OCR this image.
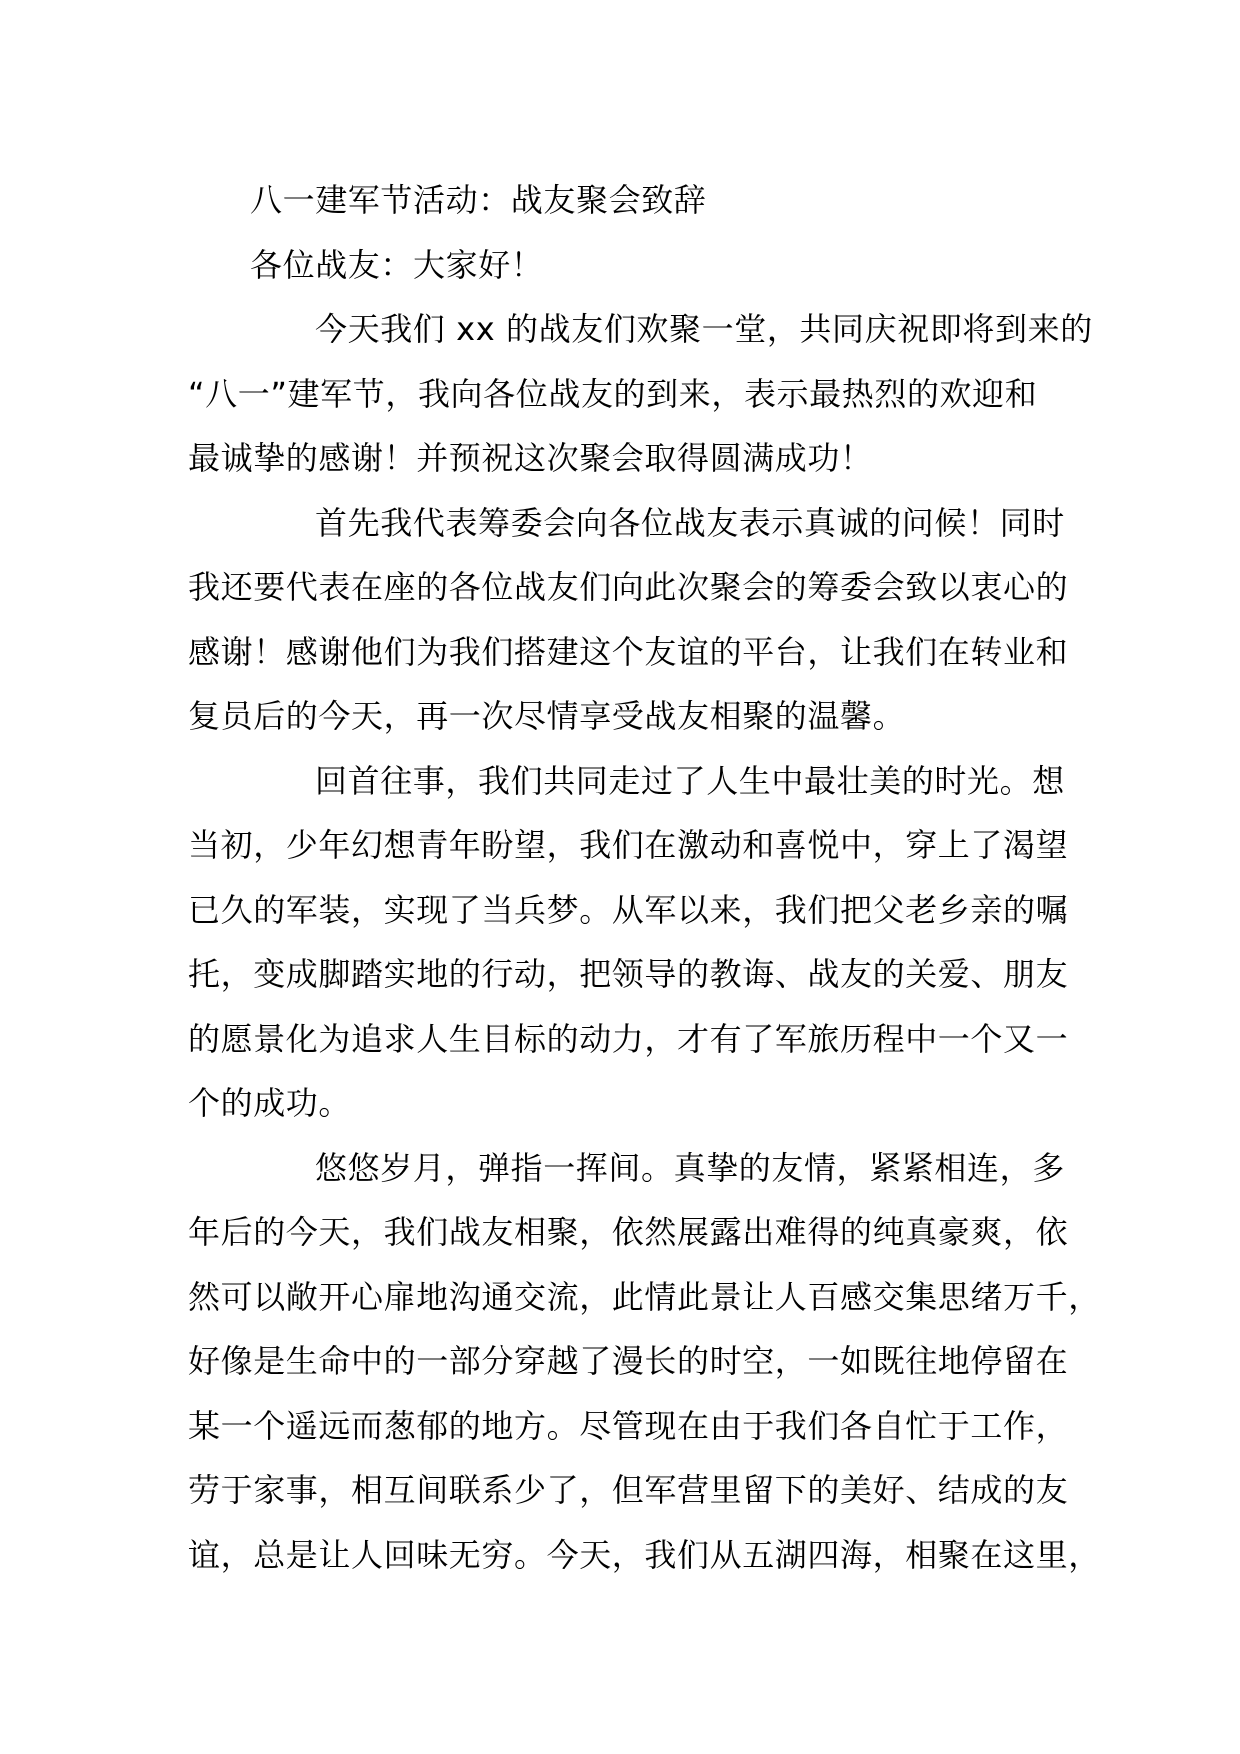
八一建军节活动：战友聚会致辞
各位战友：大家好！
今天我们 xx 的战友们欢聚一堂，共同庆祝即将到来的
“八一”建军节，我向各位战友的到来，表示最热烈的欢迎和
最诚挚的感谢！并预祝这次聚会取得圆满成功！
首先我代表筹委会向各位战友表示真诚的问候！同时
我还要代表在座的各位战友们向此次聚会的筹委会致以衷心的
感谢！感谢他们为我们搭建这个友谊的平台，让我们在转业和
复员后的今天，再一次尽情享受战友相聚的温馨。
回首往事，我们共同走过了人生中最壮美的时光。想
当初，少年幻想青年盼望，我们在激动和喜悦中，穿上了渴望
已久的军装，实现了当兵梦。从军以来，我们把父老乡亲的嘱
托，变成脚踏实地的行动，把领导的教诲、战友的关爱、朋友
的愿景化为追求人生目标的动力，才有了军旅历程中一个又一
个的成功。
悠悠岁月，弹指一挥间。真挚的友情，紧紧相连，多
年后的今天，我们战友相聚，依然展露出难得的纯真豪爽，依
然可以敞开心扉地沟通交流，此情此景让人百感交集思绪万千，
好像是生命中的一部分穿越了漫长的时空，一如既往地停留在
某一个遥远而葱郁的地方。尽管现在由于我们各自忙于工作，
劳于家事，相互间联系少了，但军营里留下的美好、结成的友
谊，总是让人回味无穷。今天，我们从五湖四海，相聚在这里，
